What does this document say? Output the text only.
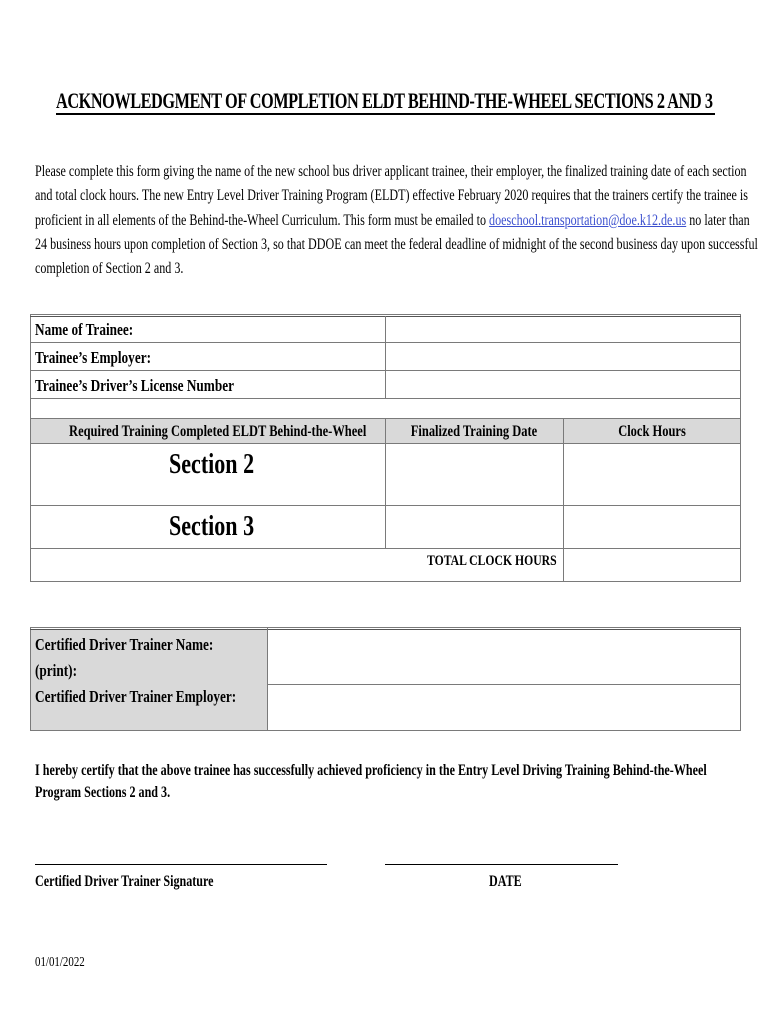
ACKNOWLEDGMENT OF COMPLETION ELDT BEHIND-THE-WHEEL SECTIONS 2 AND 3
Please complete this form giving the name of the new school bus driver applicant trainee, their employer, the finalized training date of each section
and total clock hours. The new Entry Level Driver Training Program (ELDT) effective February 2020 requires that the trainers certify the trainee is
proficient in all elements of the Behind-the-Wheel Curriculum. This form must be emailed to doeschool.transportation@doe.k12.de.us no later than
24 business hours upon completion of Section 3, so that DDOE can meet the federal deadline of midnight of the second business day upon successful
completion of Section 2 and 3.
Name of Trainee:
Trainee’s Employer:
Trainee’s Driver’s License Number
Required Training Completed ELDT Behind-the-Wheel	Finalized Training Date	Clock Hours
Section 2
Section 3
TOTAL CLOCK HOURS
Certified Driver Trainer Name:
(print):
Certified Driver Trainer Employer:
I hereby certify that the above trainee has successfully achieved proficiency in the Entry Level Driving Training Behind-the-Wheel Program Sections 2 and 3.
Certified Driver Trainer Signature	DATE
01/01/2022
